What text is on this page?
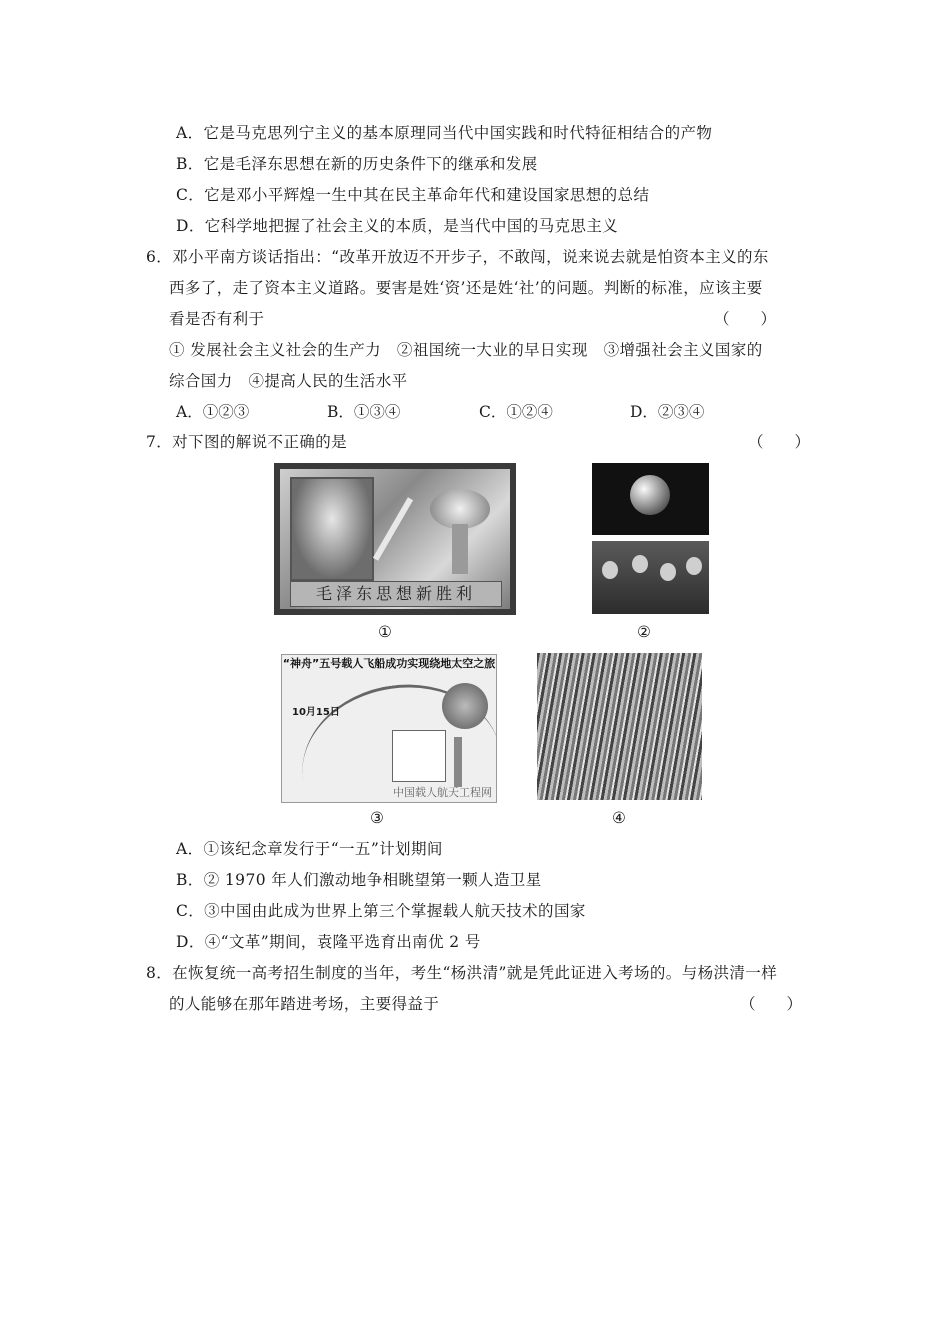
A．它是马克思列宁主义的基本原理同当代中国实践和时代特征相结合的产物
B．它是毛泽东思想在新的历史条件下的继承和发展
C．它是邓小平辉煌一生中其在民主革命年代和建设国家思想的总结
D．它科学地把握了社会主义的本质，是当代中国的马克思主义
6．邓小平南方谈话指出：“改革开放迈不开步子，不敢闯，说来说去就是怕资本主义的东
西多了，走了资本主义道路。要害是姓‘资’还是姓‘社’的问题。判断的标准，应该主要
看是否有利于	（　　）
① 发展社会主义社会的生产力　②祖国统一大业的早日实现　③增强社会主义国家的
综合国力　④提高人民的生活水平
A．①②③	B．①③④	C．①②④	D．②③④
7．对下图的解说不正确的是	（　　）
毛泽东思想新胜利
①	②
“神舟”五号载人飞船成功实现绕地太空之旅
10月15日
中国载人航天工程网
③	④
A．①该纪念章发行于“一五”计划期间
B．② 1970 年人们激动地争相眺望第一颗人造卫星
C．③中国由此成为世界上第三个掌握载人航天技术的国家
D．④“文革”期间，袁隆平选育出南优 2 号
8．在恢复统一高考招生制度的当年，考生“杨洪清”就是凭此证进入考场的。与杨洪清一样
的人能够在那年踏进考场，主要得益于	（　　）
